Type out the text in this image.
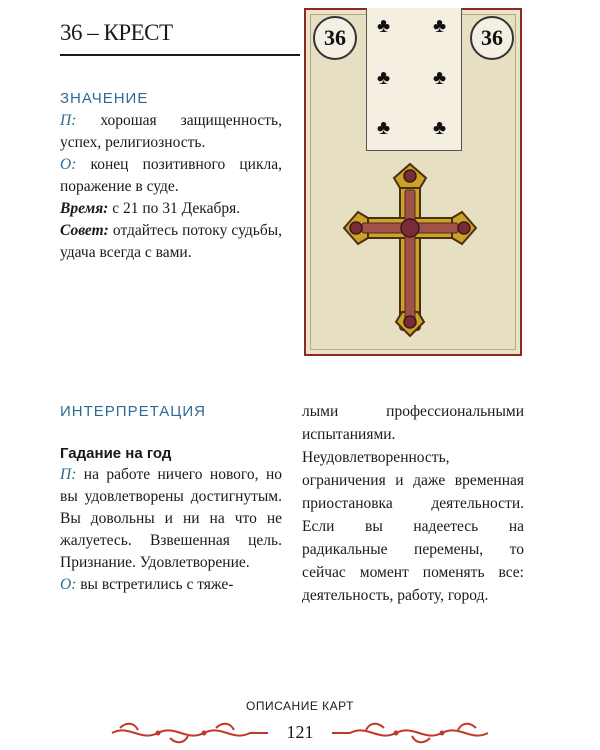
36 – КРЕСТ
ЗНАЧЕНИЕ

П: хорошая защищенность, успех, религиозность.

О: конец позитивного цикла, поражение в суде.

Время: с 21 по 31 Декабря.

Совет: отдайтесь потоку судьбы, удача всегда с вами.

♣ ♣
♣ ♣
♣ ♣
36	36
ИНТЕРПРЕТАЦИЯ
Гадание на год

П: на работе ничего нового, но вы удовлетворены достигнутым. Вы довольны и ни на что не жалуетесь. Взвешенная цель. Признание. Удовлетворение.

О: вы встретились с тяже-

лыми профессиональными испытаниями. Неудовлетворенность, ограничения и даже временная приостановка деятельности. Если вы надеетесь на радикальные перемены, то сейчас момент поменять все: деятельность, работу, город.
ОПИСАНИЕ КАРТ
121
